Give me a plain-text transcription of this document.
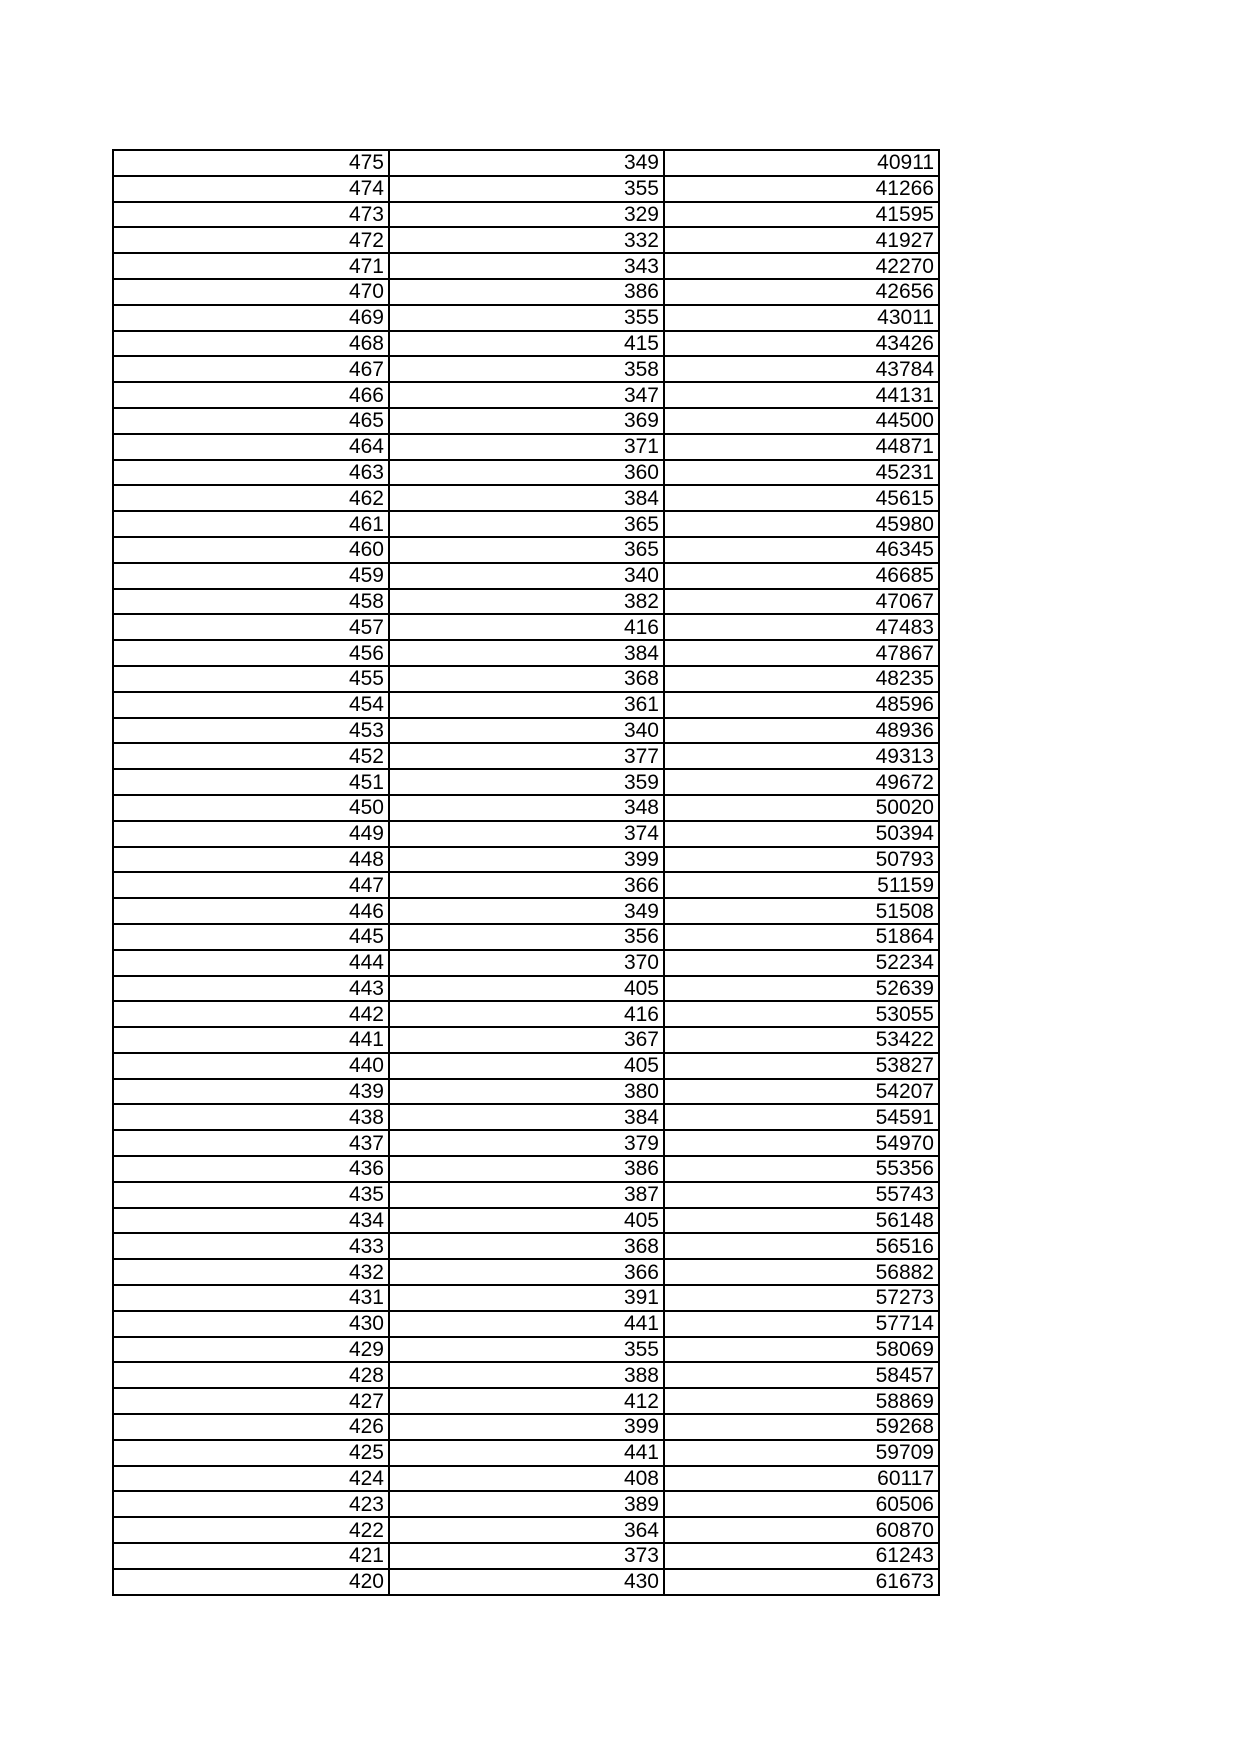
475	349	40911
474	355	41266
473	329	41595
472	332	41927
471	343	42270
470	386	42656
469	355	43011
468	415	43426
467	358	43784
466	347	44131
465	369	44500
464	371	44871
463	360	45231
462	384	45615
461	365	45980
460	365	46345
459	340	46685
458	382	47067
457	416	47483
456	384	47867
455	368	48235
454	361	48596
453	340	48936
452	377	49313
451	359	49672
450	348	50020
449	374	50394
448	399	50793
447	366	51159
446	349	51508
445	356	51864
444	370	52234
443	405	52639
442	416	53055
441	367	53422
440	405	53827
439	380	54207
438	384	54591
437	379	54970
436	386	55356
435	387	55743
434	405	56148
433	368	56516
432	366	56882
431	391	57273
430	441	57714
429	355	58069
428	388	58457
427	412	58869
426	399	59268
425	441	59709
424	408	60117
423	389	60506
422	364	60870
421	373	61243
420	430	61673
